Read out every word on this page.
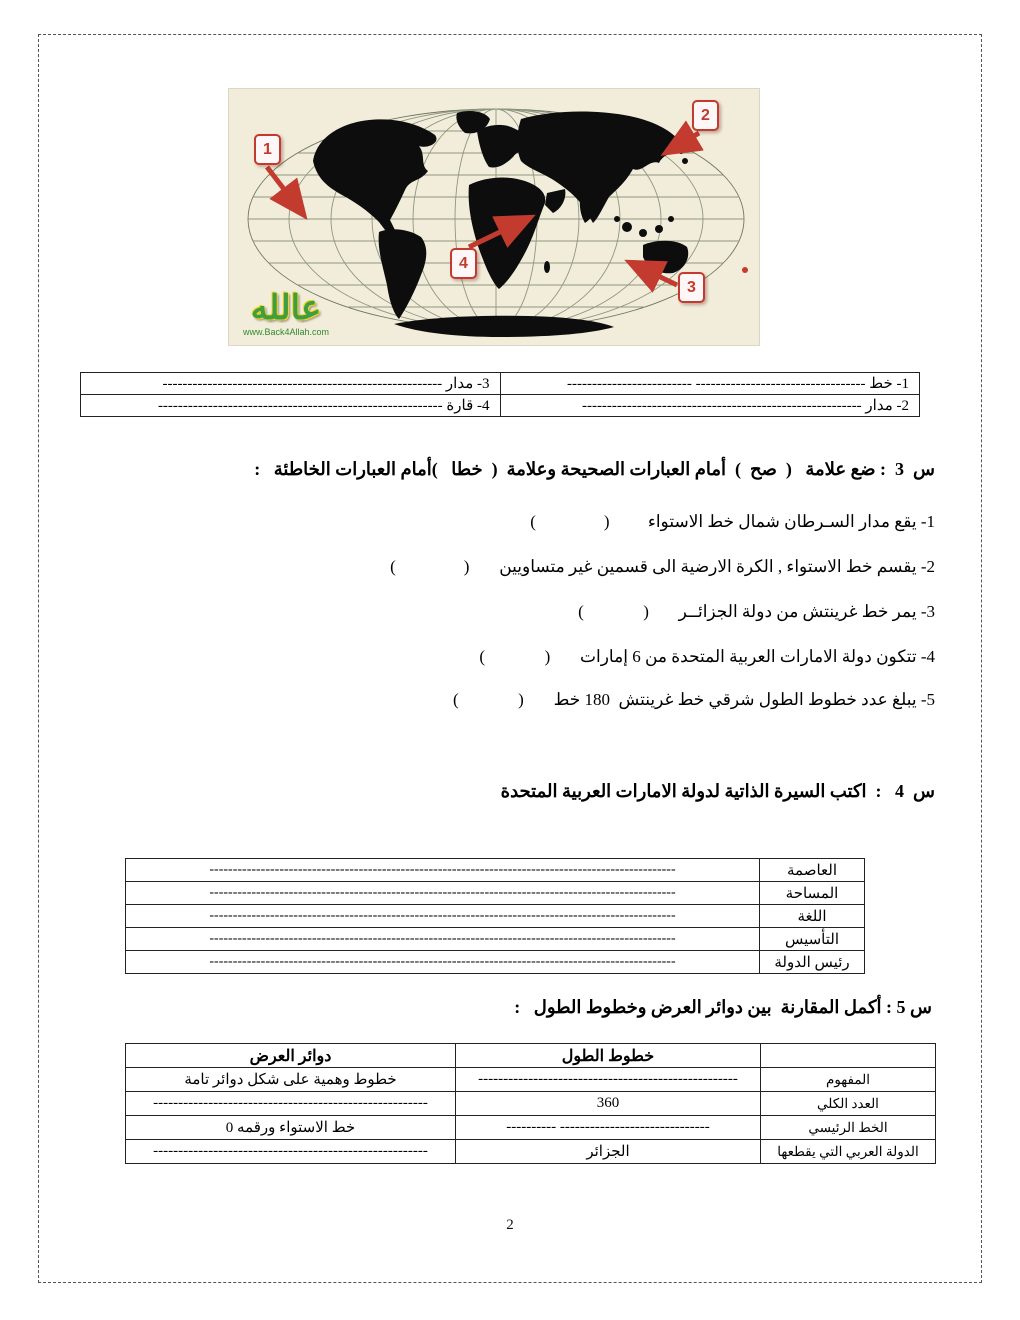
1
2
3
4
عالله
www.Back4Allah.com
1- خط ---------------------------------- -------------------------	3- مدار --------------------------------------------------------
2- مدار --------------------------------------------------------	4- قارة ---------------------------------------------------------
س  3  : ضع علامة   (  صح  )  أمام العبارات الصحيحة وعلامة  (  خطا   )أمام العبارات الخاطئة   :
1- يقع مدار السـرطان شمال خط الاستواء         (                )
2- يقسم خط الاستواء , الكرة الارضية الى قسمين غير متساويين       (                )
3- يمر خط غرينتش من دولة الجزائــر       (              )
4- تتكون دولة الامارات العربية المتحدة من 6 إمارات       (              )
5- يبلغ عدد خطوط الطول شرقي خط غرينتش  180 خط       (              )
س  4   :  اكتب السيرة الذاتية لدولة الامارات العربية المتحدة
العاصمة	----------------------------------------------------------------------------------------------------
المساحة	----------------------------------------------------------------------------------------------------
اللغة	----------------------------------------------------------------------------------------------------
التأسيس	----------------------------------------------------------------------------------------------------
رئيس الدولة	----------------------------------------------------------------------------------------------------
س 5 : أكمل المقارنة  بين دوائر العرض وخطوط الطول   :
	خطوط الطول	دوائر العرض
المفهوم	----------------------------------------------------	خطوط وهمية على شكل دوائر تامة
العدد الكلي	360	-------------------------------------------------------
الخط الرئيسي	------------------------------ ----------	خط الاستواء ورقمه 0
الدولة العربي التي يقطعها	الجزائر	-------------------------------------------------------
2
